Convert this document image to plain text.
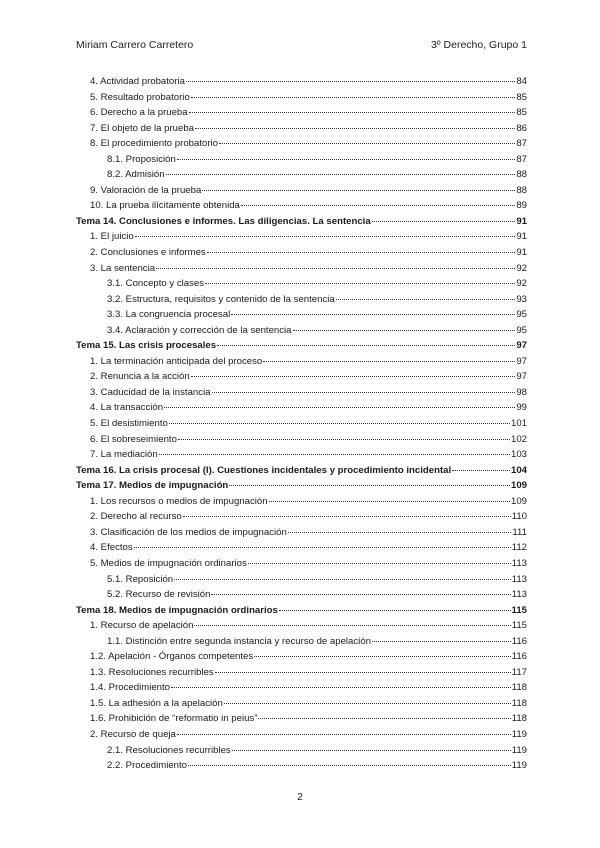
Miriam Carrero Carretero	3º Derecho, Grupo 1
4. Actividad probatoria	84
5. Resultado probatorio	85
6. Derecho a la prueba	85
7. El objeto de la prueba	86
8. El procedimiento probatorio	87
8.1. Proposición	87
8.2. Admisión	88
9. Valoración de la prueba	88
10. La prueba ilícitamente obtenida	89
Tema 14. Conclusiones e informes. Las diligencias. La sentencia	91
1. El juicio	91
2. Conclusiones e informes	91
3. La sentencia	92
3.1. Concepto y clases	92
3.2. Estructura, requisitos y contenido de la sentencia	93
3.3. La congruencia procesal	95
3.4. Aclaración y corrección de la sentencia	95
Tema 15. Las crisis procesales	97
1. La terminación anticipada del proceso	97
2. Renuncia a la acción	97
3. Caducidad de la instancia	98
4. La transacción	99
5. El desistimiento	101
6. El sobreseimiento	102
7. La mediación	103
Tema 16. La crisis procesal (I). Cuestiones incidentales y procedimiento incidental	104
Tema 17. Medios de impugnación	109
1. Los recursos o medios de impugnación	109
2. Derecho al recurso	110
3. Clasificación de los medios de impugnación	111
4. Efectos	112
5. Medios de impugnación ordinarios	113
5.1. Reposición	113
5.2. Recurso de revisión	113
Tema 18. Medios de impugnación ordinarios	115
1. Recurso de apelación	115
1.1. Distinción entre segunda instancia y recurso de apelación	116
1.2. Apelación - Órganos competentes	116
1.3. Resoluciones recurribles	117
1.4. Procedimiento	118
1.5. La adhesión a la apelación	118
1.6. Prohibición de “reformatio in peius”	118
2. Recurso de queja	119
2.1. Resoluciones recurribles	119
2.2. Procedimiento	119
2
